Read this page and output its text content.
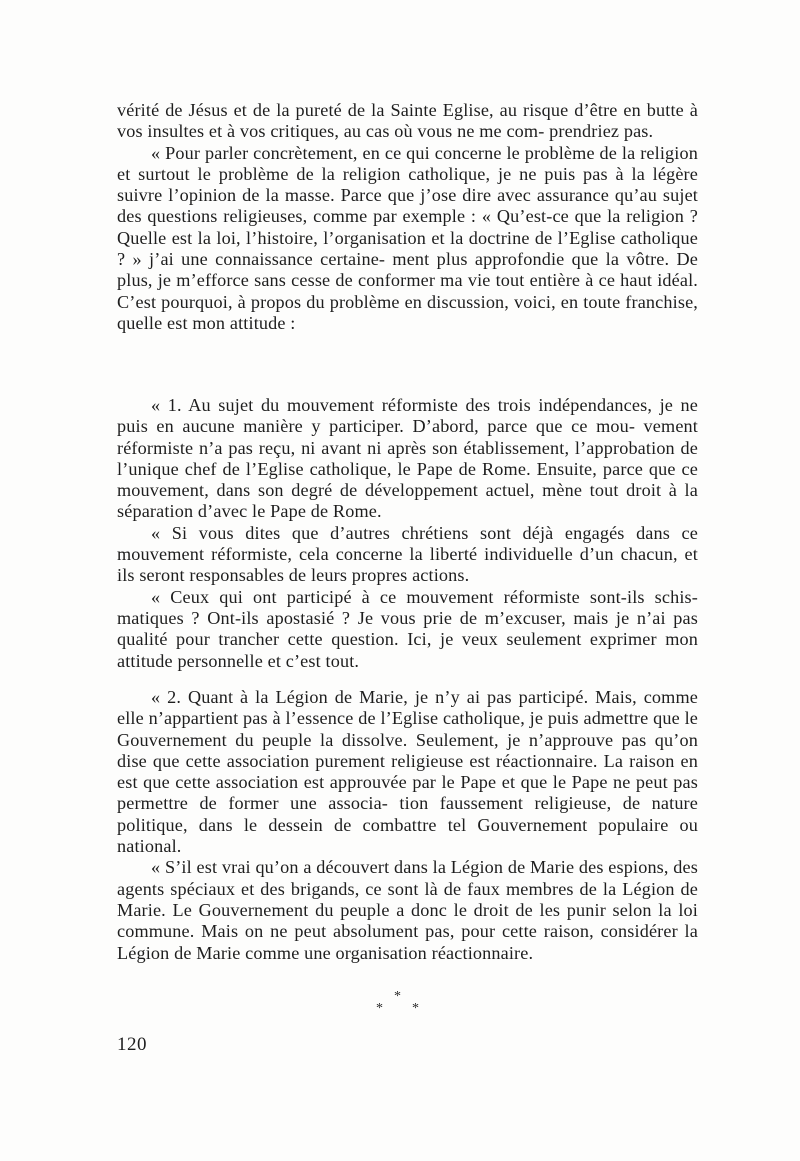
vérité de Jésus et de la pureté de la Sainte Eglise, au risque d’être en butte à vos insultes et à vos critiques, au cas où vous ne me com- prendriez pas.

« Pour parler concrètement, en ce qui concerne le problème de la religion et surtout le problème de la religion catholique, je ne puis pas à la légère suivre l’opinion de la masse. Parce que j’ose dire avec assurance qu’au sujet des questions religieuses, comme par exemple : « Qu’est-ce que la religion ? Quelle est la loi, l’histoire, l’organisation et la doctrine de l’Eglise catholique ? » j’ai une connaissance certaine- ment plus approfondie que la vôtre. De plus, je m’efforce sans cesse de conformer ma vie tout entière à ce haut idéal. C’est pourquoi, à propos du problème en discussion, voici, en toute franchise, quelle est mon attitude :

« 1. Au sujet du mouvement réformiste des trois indépendances, je ne puis en aucune manière y participer. D’abord, parce que ce mou- vement réformiste n’a pas reçu, ni avant ni après son établissement, l’approbation de l’unique chef de l’Eglise catholique, le Pape de Rome. Ensuite, parce que ce mouvement, dans son degré de développement actuel, mène tout droit à la séparation d’avec le Pape de Rome.

« Si vous dites que d’autres chrétiens sont déjà engagés dans ce mouvement réformiste, cela concerne la liberté individuelle d’un chacun, et ils seront responsables de leurs propres actions.

« Ceux qui ont participé à ce mouvement réformiste sont-ils schis- matiques ? Ont-ils apostasié ? Je vous prie de m’excuser, mais je n’ai pas qualité pour trancher cette question. Ici, je veux seulement exprimer mon attitude personnelle et c’est tout.

« 2. Quant à la Légion de Marie, je n’y ai pas participé. Mais, comme elle n’appartient pas à l’essence de l’Eglise catholique, je puis admettre que le Gouvernement du peuple la dissolve. Seulement, je n’approuve pas qu’on dise que cette association purement religieuse est réactionnaire. La raison en est que cette association est approuvée par le Pape et que le Pape ne peut pas permettre de former une associa- tion faussement religieuse, de nature politique, dans le dessein de combattre tel Gouvernement populaire ou national.

« S’il est vrai qu’on a découvert dans la Légion de Marie des espions, des agents spéciaux et des brigands, ce sont là de faux membres de la Légion de Marie. Le Gouvernement du peuple a donc le droit de les punir selon la loi commune. Mais on ne peut absolument pas, pour cette raison, considérer la Légion de Marie comme une organisation réactionnaire.

*
* *
120
